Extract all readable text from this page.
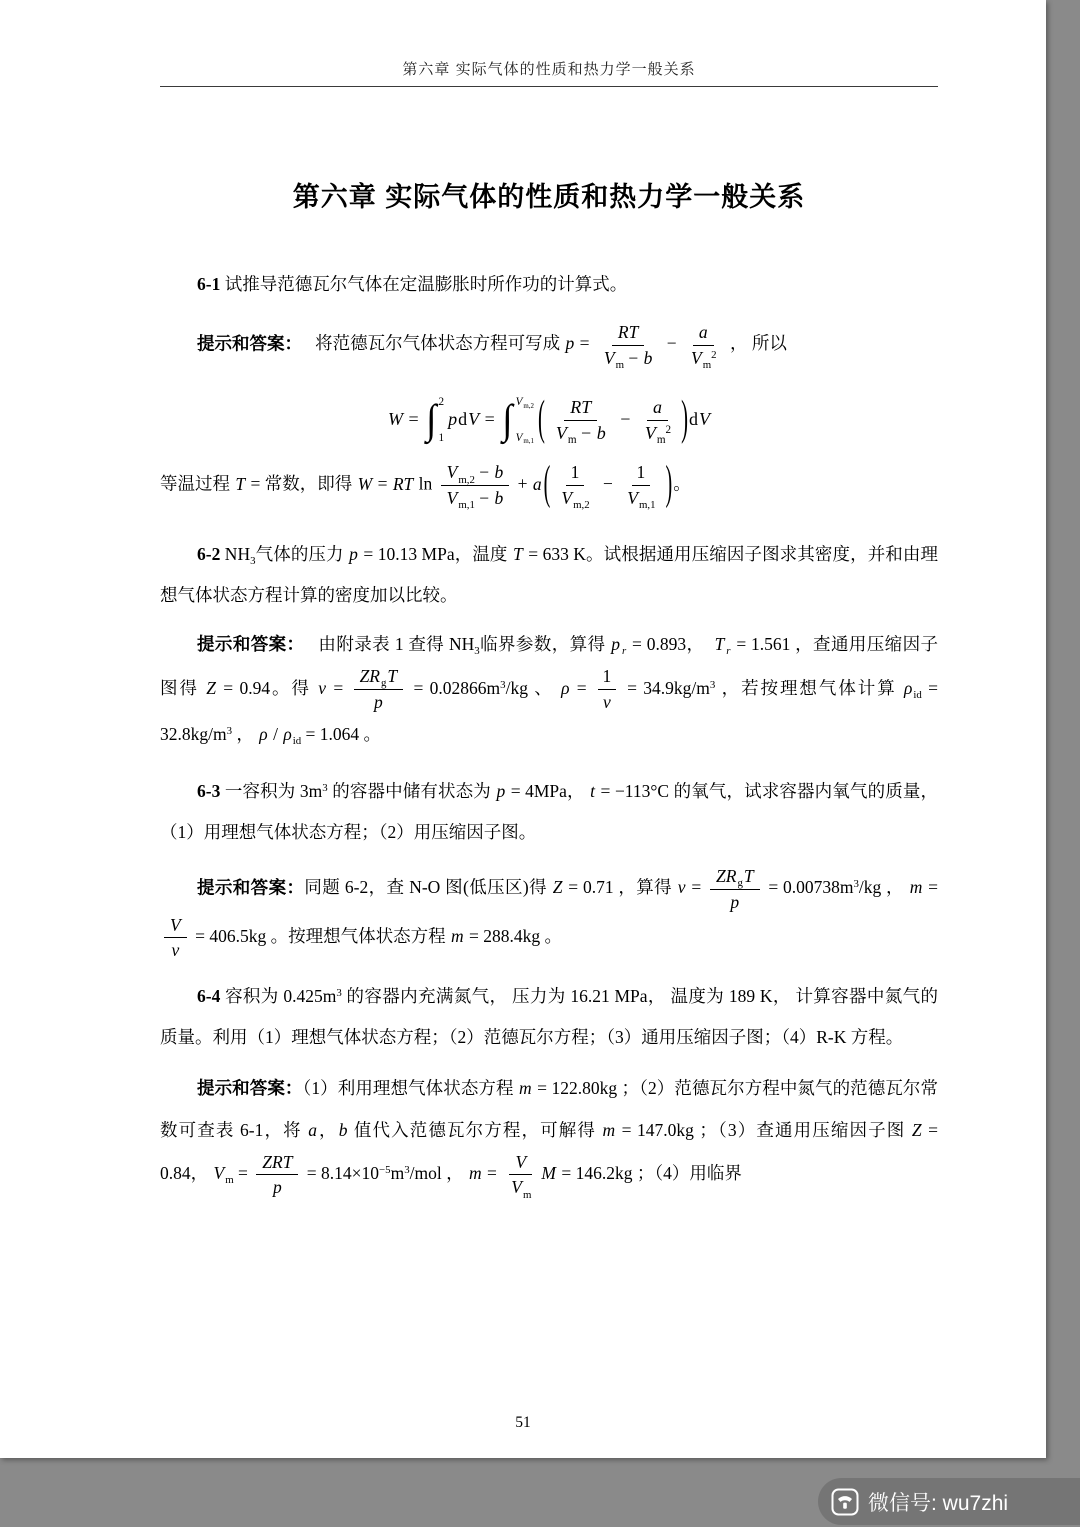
第六章 实际气体的性质和热力学一般关系
第六章 实际气体的性质和热力学一般关系

6-1 试推导范德瓦尔气体在定温膨胀时所作功的计算式。

提示和答案：　 将范德瓦尔气体状态方程可写成 $p = \frac{RT}{V_m - b} - \frac{a}{V_m^2}$ ， 所以

W = ∫ 2
1
pdV = ∫ $V_{m,2}$
$V_{m,1}$ ( $\frac{RT}{V_m - b} - \frac{a}{V_m^2} )dV$

等温过程 T = 常数，即得 W = RT $\ln \frac{V_{m,2} - b}{V_{m,1} - b} + a( \frac{1}{V_{m,2}} - \frac{1}{V_{m,1}}$ )。

6-2 $NH_3$气体的压力 p = 10.13 MPa，温度 T = 633 K。试根据通用压缩因子图求其密度，并和由理想气体状态方程计算的密度加以比较。

提示和答案：　 由附录表 1 查得 $NH_3$临界参数，算得 p $_r$ = 0.893，　T $_r$ = 1.561 ，查通用压缩因子图得 Z = 0.94。得 $v = \frac{ZR_gT}{p} = 0.02866m^3/kg$ 、 $\rho = \frac{1}{v} = 34.9kg/m^3$ ，若按理想气体计算 $\rho_{id} = 32.8kg/m^3$ ， $\rho / \rho_{id} = 1.064$ 。

6-3 一容积为 $3m^3$ 的容器中储有状态为 p = 4MPa， t = −113°C 的氧气，试求容器内氧气的质量，（1）用理想气体状态方程；（2）用压缩因子图。

提示和答案：同题 6-2，查 N-O 图(低压区)得 Z = 0.71 ，算得 $v = \frac{ZR_gT}{p} = 0.00738m^3/kg$ ， m =
$\frac{V}{v} = 406.5kg$ 。按理想气体状态方程 m = 288.4kg 。

6-4 容积为 $0.425m^3$ 的容器内充满氮气， 压力为 16.21 MPa， 温度为 189 K， 计算容器中氮气的质量。利用（1）理想气体状态方程；（2）范德瓦尔方程；（3）通用压缩因子图；（4）R-K 方程。

提示和答案：（1）利用理想气体状态方程 m = 122.80kg ；（2）范德瓦尔方程中氮气的范德瓦尔常数可查表 6-1，将 a，b 值代入范德瓦尔方程，可解得 m = 147.0kg ；（3）查通用压缩因子图 Z = 0.84， $V_m = \frac{\text{ZRT}}{p} = 8.14\times 10^{-5}m^3/mol$ ， $m = \frac{V}{V_m}$ M = 146.2kg ；（4）用临界

51
微信号: wu7zhi
